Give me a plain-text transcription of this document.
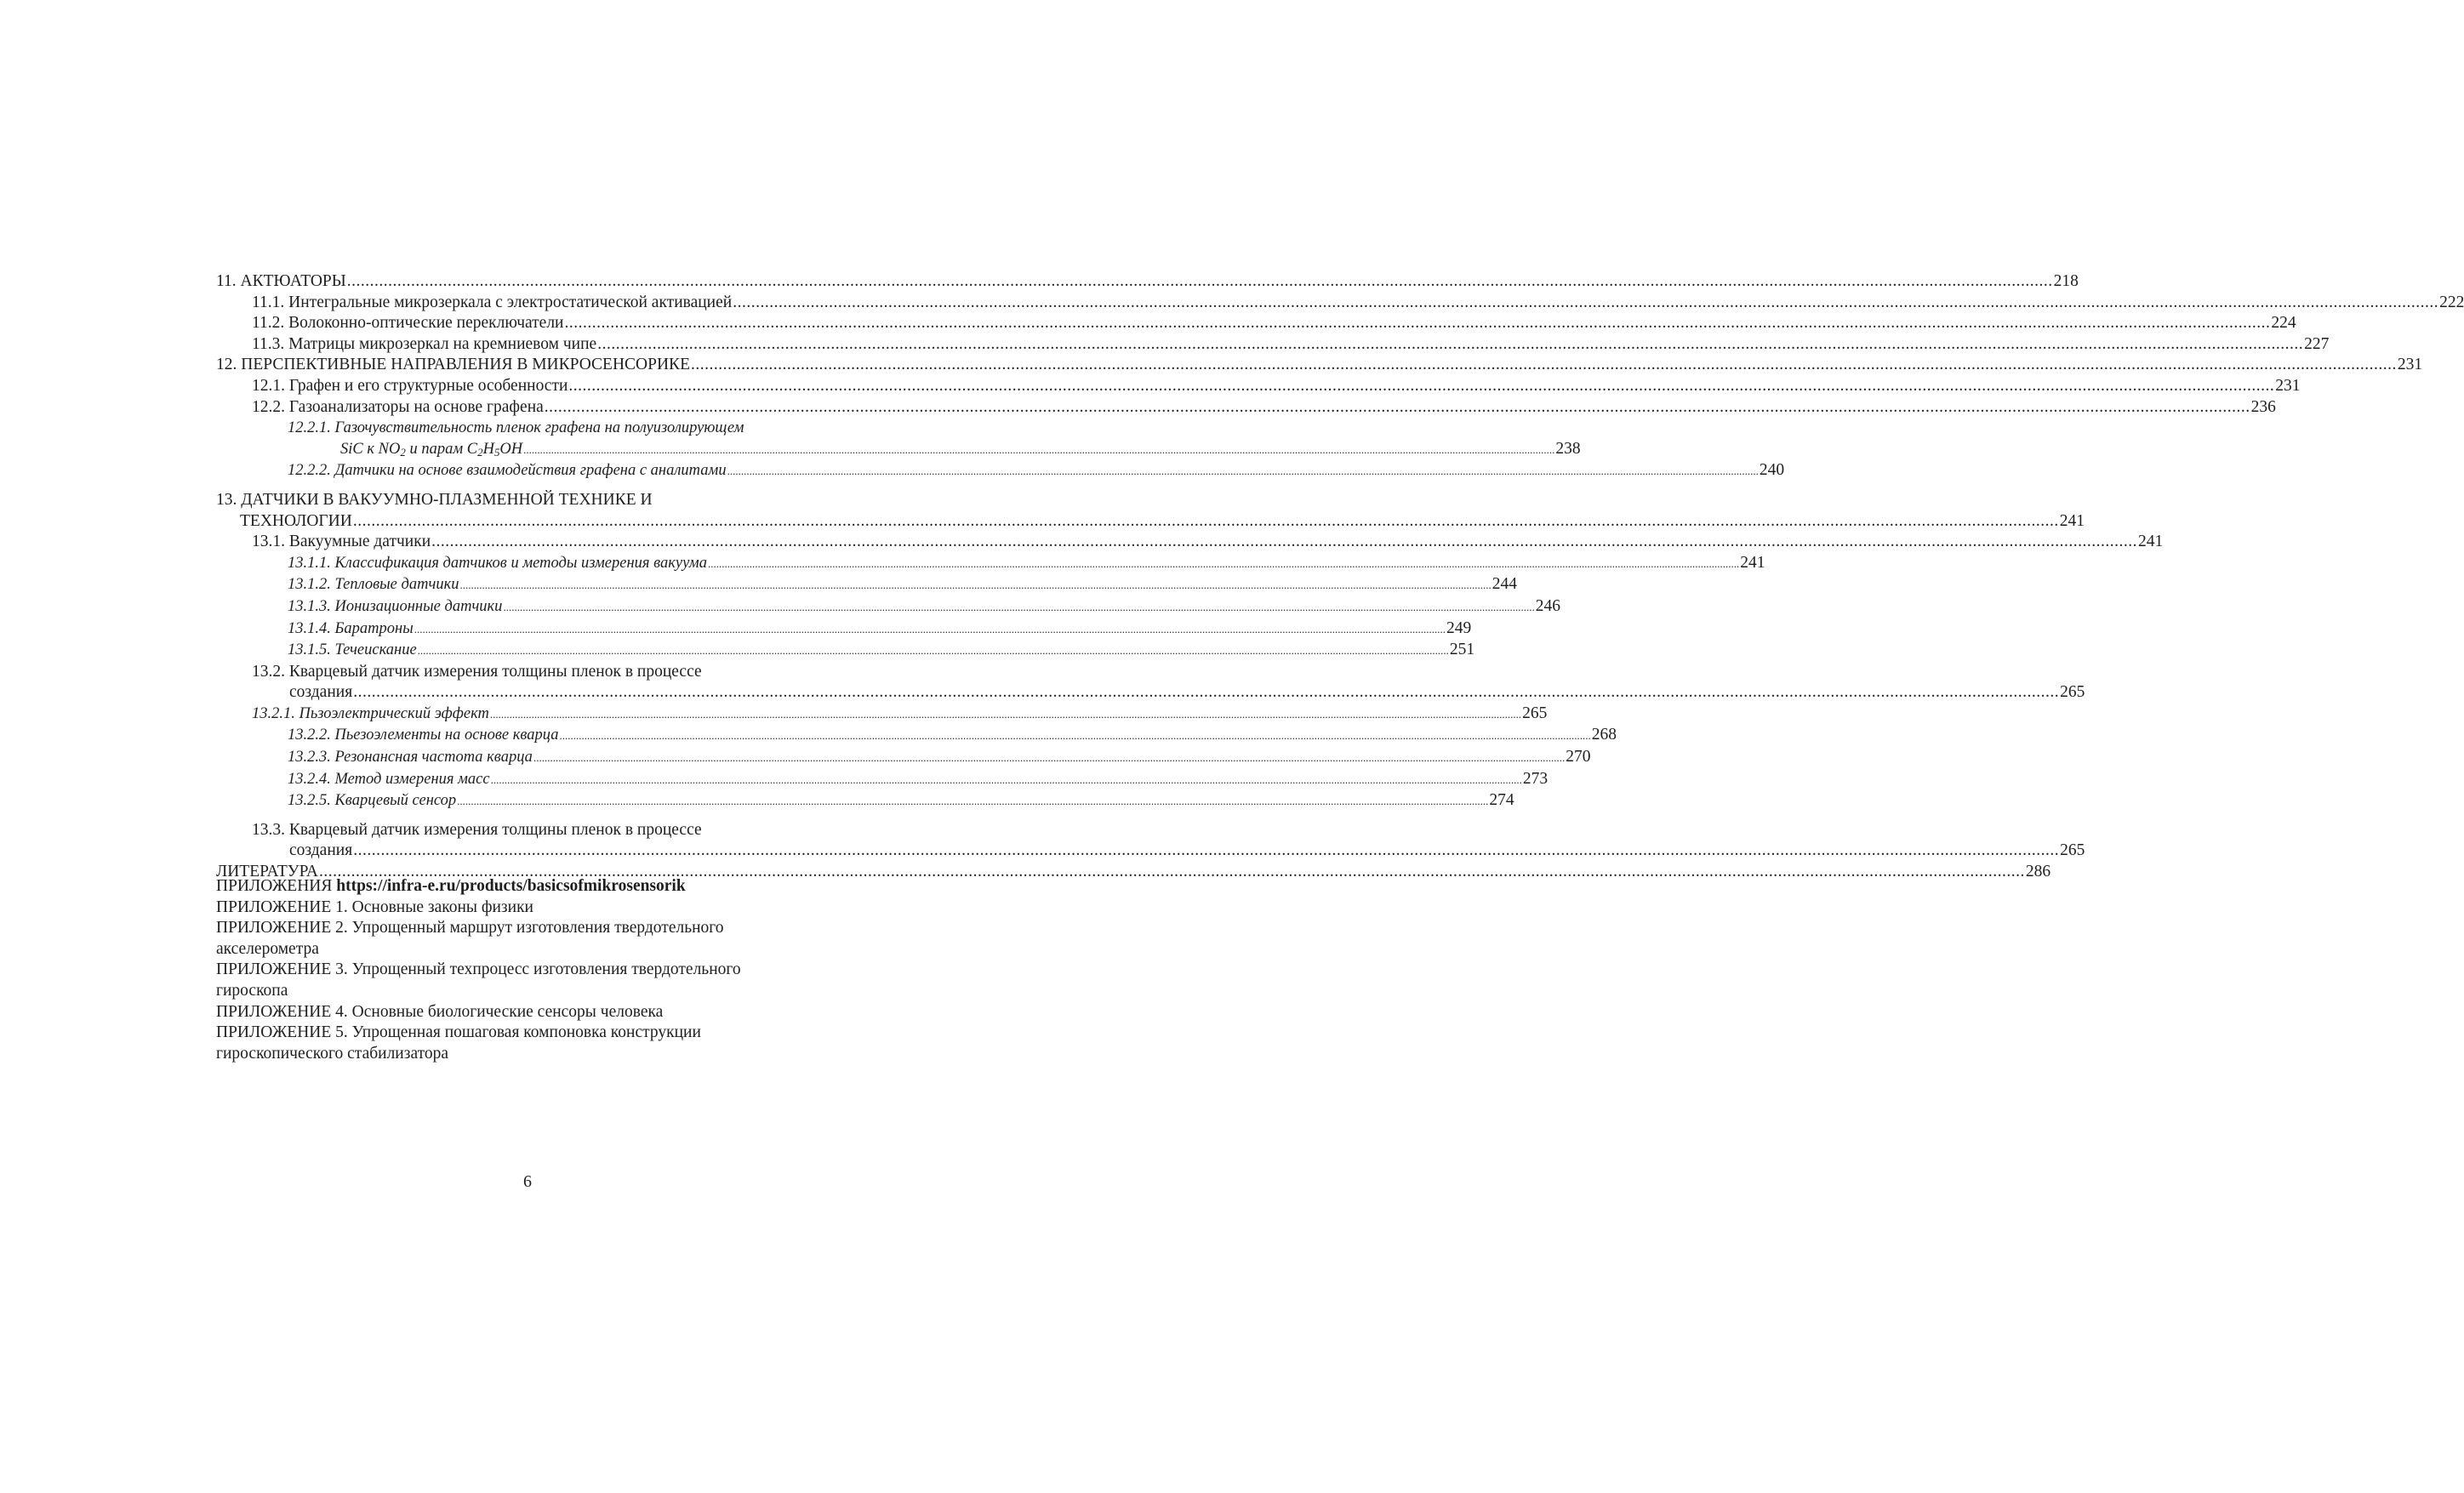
11. АКТЮАТОРЫ ..................................................................................................................................................................................................................................................................................................................................................................................... 218
11.1. Интегральные микрозеркала с электростатической активацией ..................................................................................................................................................................................................................................................................................................................................................................................... 222
11.2. Волоконно-оптические переключатели ..................................................................................................................................................................................................................................................................................................................................................................................... 224
11.3. Матрицы микрозеркал на кремниевом чипе ..................................................................................................................................................................................................................................................................................................................................................................................... 227
12. ПЕРСПЕКТИВНЫЕ НАПРАВЛЕНИЯ В МИКРОСЕНСОРИКЕ ..................................................................................................................................................................................................................................................................................................................................................................................... 231
12.1. Графен и его структурные особенности ..................................................................................................................................................................................................................................................................................................................................................................................... 231
12.2. Газоанализаторы на основе графена ..................................................................................................................................................................................................................................................................................................................................................................................... 236
12.2.1. Газочувствительность пленок графена на полуизолирующем
SiC к $NO_2$ и парам $C_2H_5OH$ ..................................................................................................................................................................................................................................................................................................................................................................................... 238
12.2.2. Датчики на основе взаимодействия графена с аналитами ..................................................................................................................................................................................................................................................................................................................................................................................... 240
13. ДАТЧИКИ В ВАКУУМНО-ПЛАЗМЕННОЙ ТЕХНИКЕ И
ТЕХНОЛОГИИ ..................................................................................................................................................................................................................................................................................................................................................................................... 241
13.1. Вакуумные датчики ..................................................................................................................................................................................................................................................................................................................................................................................... 241
13.1.1. Классификация датчиков и методы измерения вакуума ..................................................................................................................................................................................................................................................................................................................................................................................... 241
13.1.2. Тепловые датчики ..................................................................................................................................................................................................................................................................................................................................................................................... 244
13.1.3. Ионизационные датчики ..................................................................................................................................................................................................................................................................................................................................................................................... 246
13.1.4. Баратроны ..................................................................................................................................................................................................................................................................................................................................................................................... 249
13.1.5. Течеискание ..................................................................................................................................................................................................................................................................................................................................................................................... 251
13.2. Кварцевый датчик измерения толщины пленок в процессе
создания ..................................................................................................................................................................................................................................................................................................................................................................................... 265
13.2.1. Пьзоэлектрический эффект ..................................................................................................................................................................................................................................................................................................................................................................................... 265
13.2.2. Пьезоэлементы на основе кварца ..................................................................................................................................................................................................................................................................................................................................................................................... 268
13.2.3. Резонансная частота кварца ..................................................................................................................................................................................................................................................................................................................................................................................... 270
13.2.4. Метод измерения масс ..................................................................................................................................................................................................................................................................................................................................................................................... 273
13.2.5. Кварцевый сенсор ..................................................................................................................................................................................................................................................................................................................................................................................... 274
13.3. Кварцевый датчик измерения толщины пленок в процессе
создания ..................................................................................................................................................................................................................................................................................................................................................................................... 265
ЛИТЕРАТУРА ..................................................................................................................................................................................................................................................................................................................................................................................... 286
ПРИЛОЖЕНИЯ https://infra-e.ru/products/basicsofmikrosensorik
ПРИЛОЖЕНИЕ 1. Основные законы физики
ПРИЛОЖЕНИЕ 2. Упрощенный маршрут изготовления твердотельного
акселерометра
ПРИЛОЖЕНИЕ 3. Упрощенный техпроцесс изготовления твердотельного
гироскопа
ПРИЛОЖЕНИЕ 4. Основные биологические сенсоры человека
ПРИЛОЖЕНИЕ 5. Упрощенная пошаговая компоновка конструкции
гироскопического стабилизатора
6
